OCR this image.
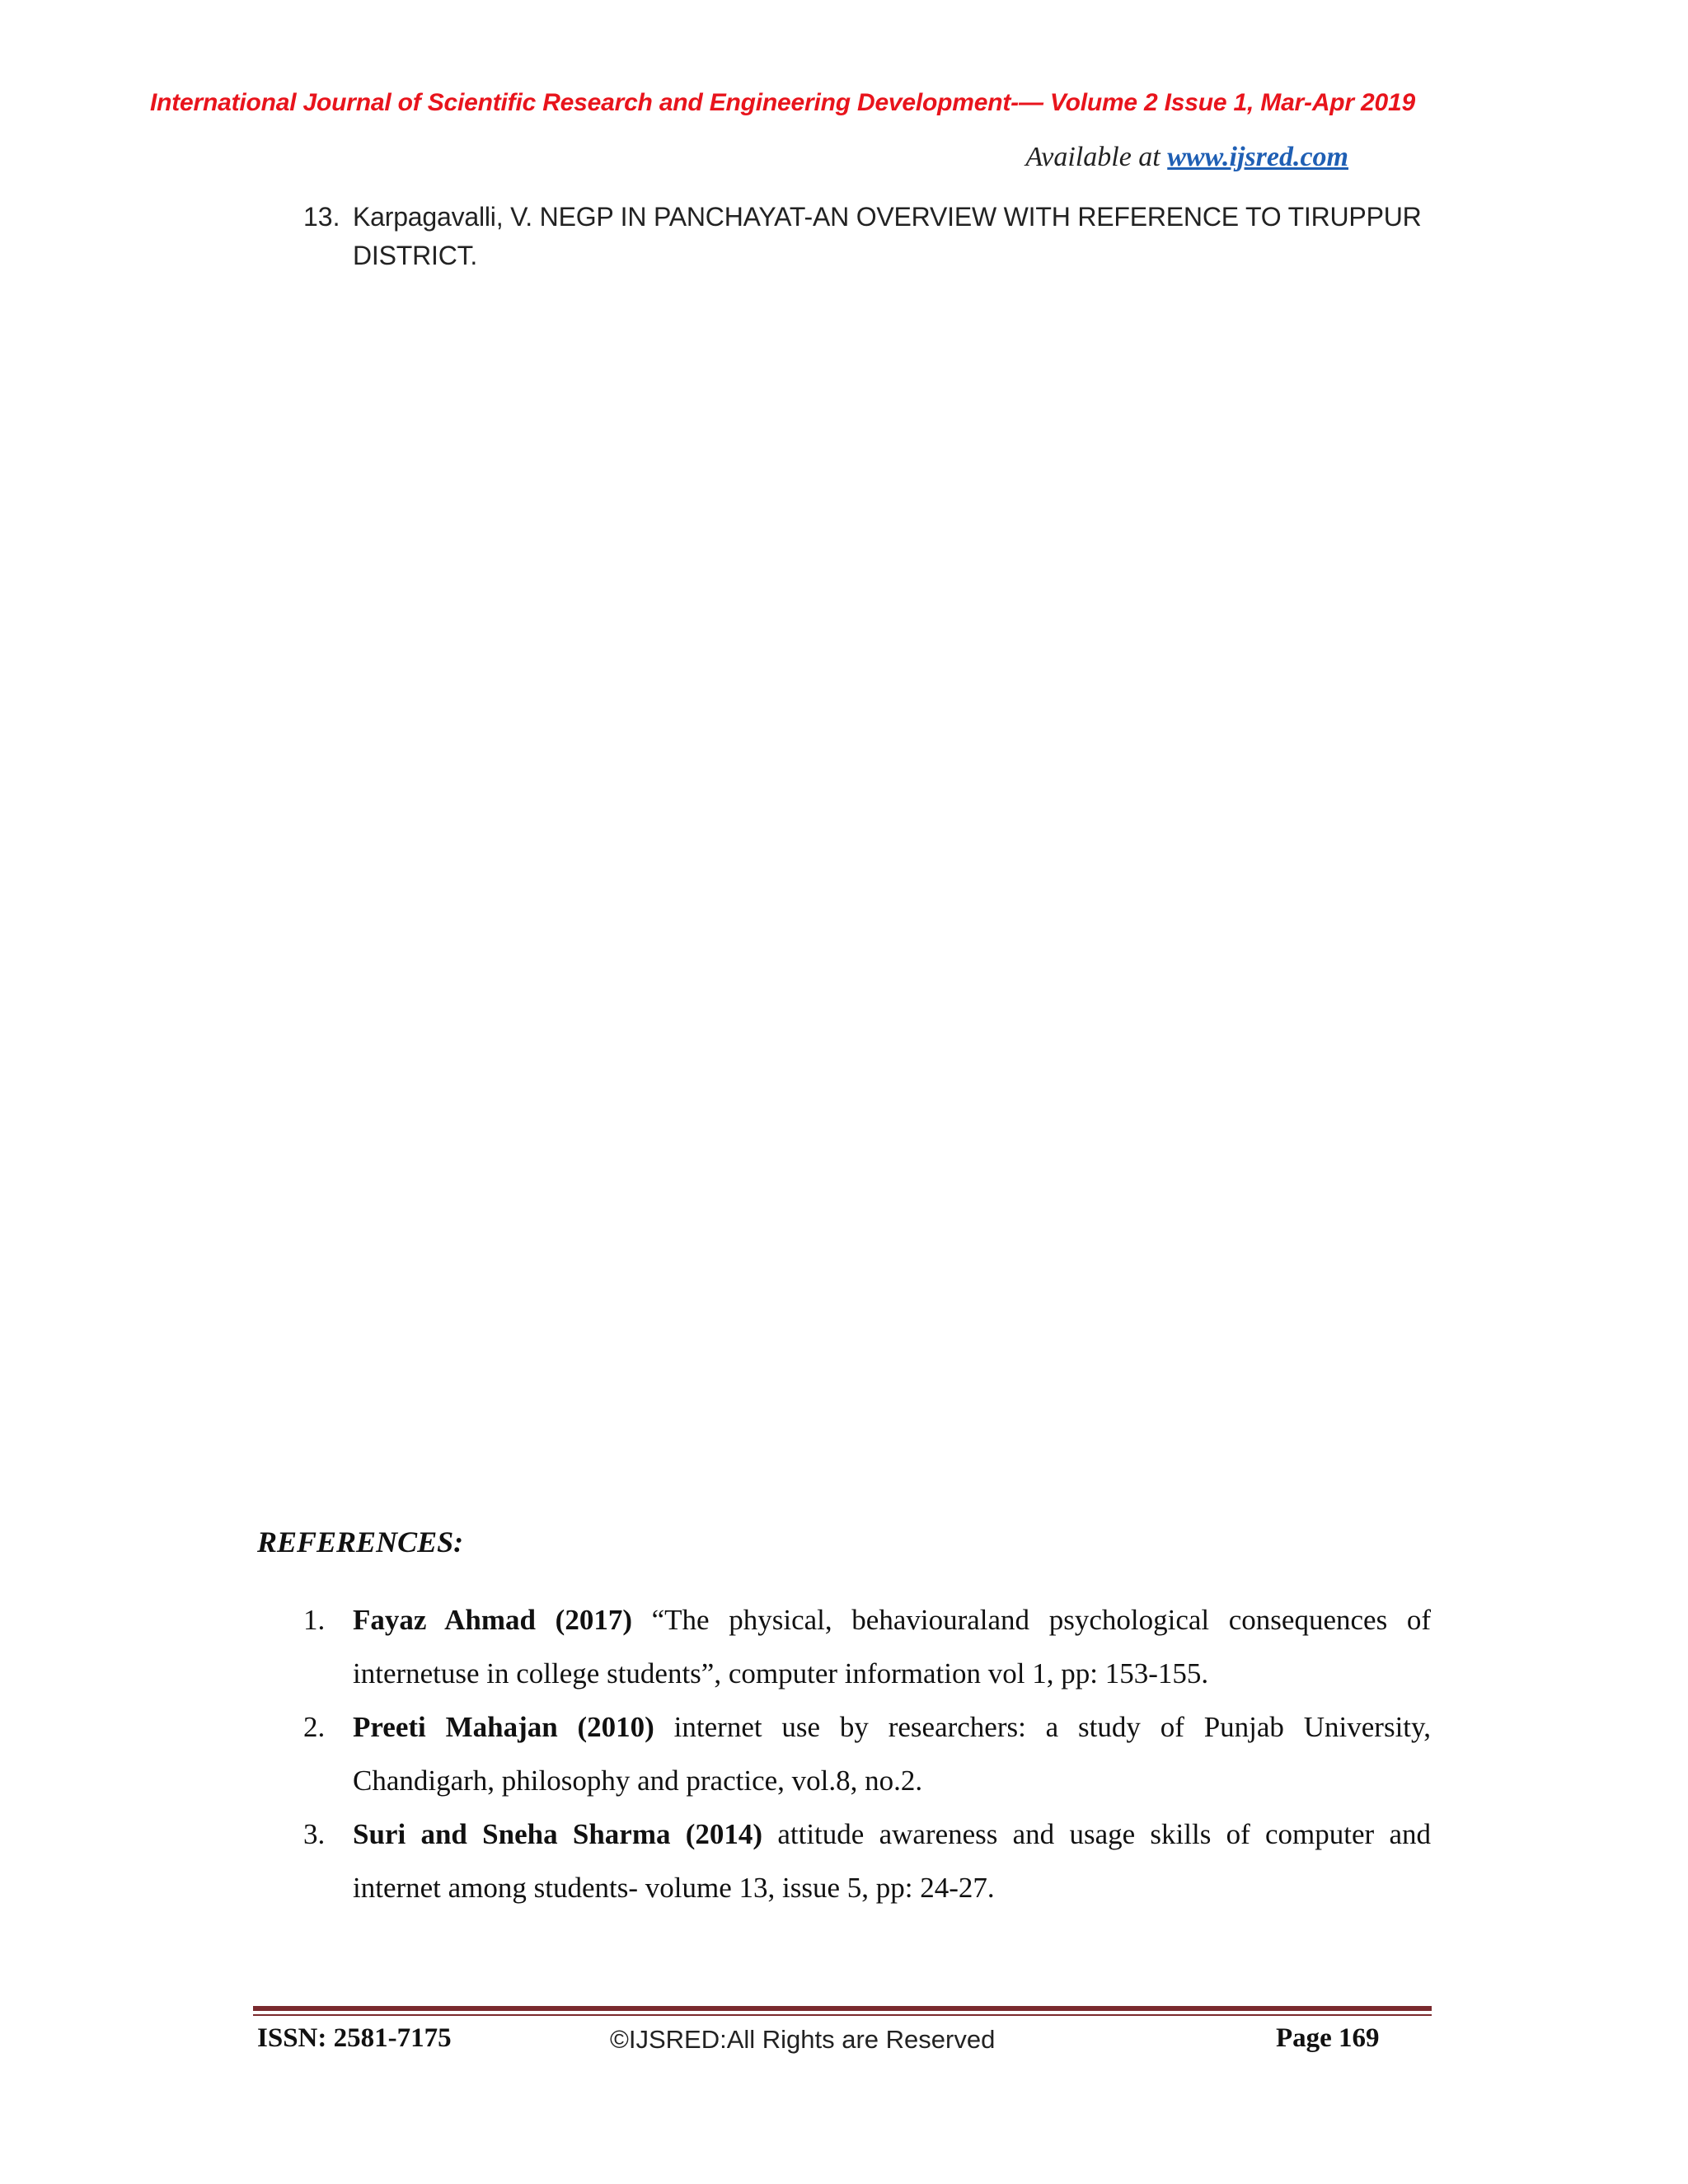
International Journal of Scientific Research and Engineering Development-— Volume 2 Issue 1, Mar-Apr 2019
Available at www.ijsred.com
13. Karpagavalli, V. NEGP IN PANCHAYAT-AN OVERVIEW WITH REFERENCE TO TIRUPPUR DISTRICT.
REFERENCES:
1. Fayaz Ahmad (2017) “The physical, behaviouraland psychological consequences of internetuse in college students”, computer information vol 1, pp: 153-155.
2. Preeti Mahajan (2010) internet use by researchers: a study of Punjab University, Chandigarh, philosophy and practice, vol.8, no.2.
3. Suri and Sneha Sharma (2014) attitude awareness and usage skills of computer and internet among students- volume 13, issue 5, pp: 24-27.
ISSN: 2581-7175	©IJSRED:All Rights are Reserved	Page 169
